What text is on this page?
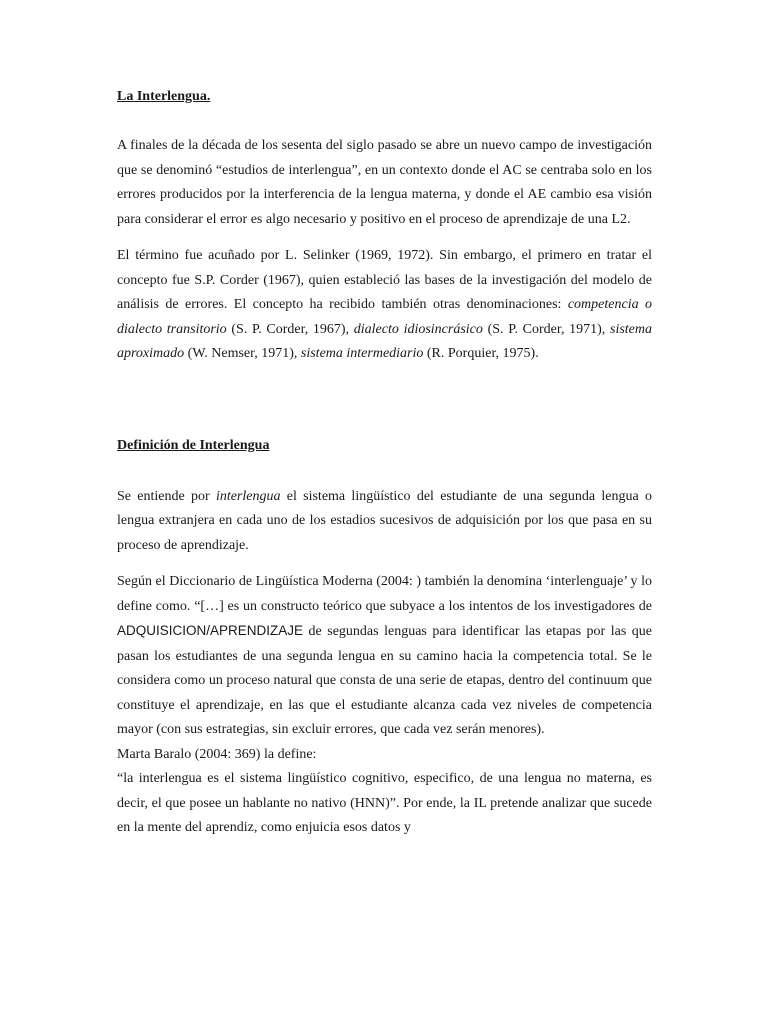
La Interlengua.

A finales de la década de los sesenta del siglo pasado se abre un nuevo campo de investigación que se denominó “estudios de interlengua”, en un contexto donde el AC se centraba solo en los errores producidos por la interferencia de la lengua materna, y donde el AE cambio esa visión para considerar el error es algo necesario y positivo en el proceso de aprendizaje de una L2.

El término fue acuñado por L. Selinker (1969, 1972). Sin embargo, el primero en tratar el concepto fue S.P. Corder (1967), quien estableció las bases de la investigación del modelo de análisis de errores. El concepto ha recibido también otras denominaciones: competencia o dialecto transitorio (S. P. Corder, 1967), dialecto idiosincrásico (S. P. Corder, 1971), sistema aproximado (W. Nemser, 1971), sistema intermediario (R. Porquier, 1975).

Definición de Interlengua

Se entiende por interlengua el sistema lingüístico del estudiante de una segunda lengua o lengua extranjera en cada uno de los estadios sucesivos de adquisición por los que pasa en su proceso de aprendizaje.

Según el Diccionario de Lingüística Moderna (2004: ) también la denomina ‘interlenguaje’ y lo define como. “[…] es un constructo teórico que subyace a los intentos de los investigadores de ADQUISICION/APRENDIZAJE de segundas lenguas para identificar las etapas por las que pasan los estudiantes de una segunda lengua en su camino hacia la competencia total. Se le considera como un proceso natural que consta de una serie de etapas, dentro del continuum que constituye el aprendizaje, en las que el estudiante alcanza cada vez niveles de competencia mayor (con sus estrategias, sin excluir errores, que cada vez serán menores).

Marta Baralo (2004: 369) la define:

“la interlengua es el sistema lingüístico cognitivo, especifico, de una lengua no materna, es decir, el que posee un hablante no nativo (HNN)”. Por ende, la IL pretende analizar que sucede en la mente del aprendiz, como enjuicia esos datos y
